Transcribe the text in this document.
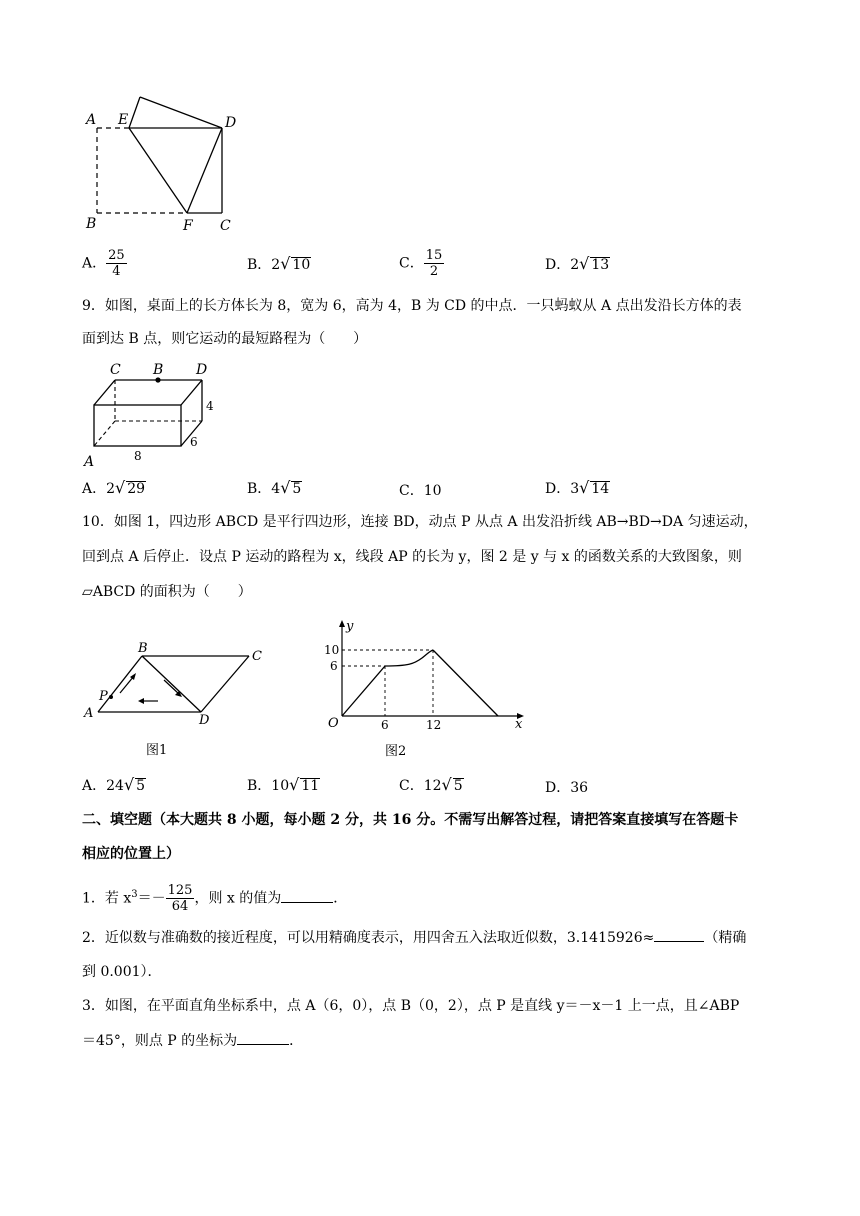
A E	D
B	F C
A． $\frac{25}{4}$	B．2√ 10	C． $\frac{15}{2}$	D．2√ 13
9．如图，桌面上的长方体长为 8，宽为 6，高为 4，B 为 CD 的中点．一只蚂蚁从 A 点出发沿长方体的表
面到达 B 点，则它运动的最短路程为（　　）
C B D
4
6
8
A
A．2√ 29	B．4√ 5	C．10	D．3√ 14
10．如图 1，四边形 ABCD 是平行四边形，连接 BD，动点 P 从点 A 出发沿折线 AB→BD→DA 匀速运动，
回到点 A 后停止．设点 P 运动的路程为 x，线段 AP 的长为 y，图 2 是 y 与 x 的函数关系的大致图象，则
▱ABCD 的面积为（　　）
B
C
P
A	D
图1
y
x
O
10
6
6	12
图2
A．24√ 5	B．10√ 11	C．12√ 5	D．36
二、填空题（本大题共 8 小题，每小题 2 分，共 16 分。不需写出解答过程，请把答案直接填写在答题卡
相应的位置上）
1．若 $x^3=- \frac{125}{64}$ ，则 x 的值为	．
2．近似数与准确数的接近程度，可以用精确度表示，用四舍五入法取近似数，3.1415926≈	（精确
到 0.001）．
3．如图，在平面直角坐标系中，点 A（6，0），点 B（0，2），点 P 是直线 y＝－x－1 上一点，且∠ABP
＝45°，则点 P 的坐标为	．
